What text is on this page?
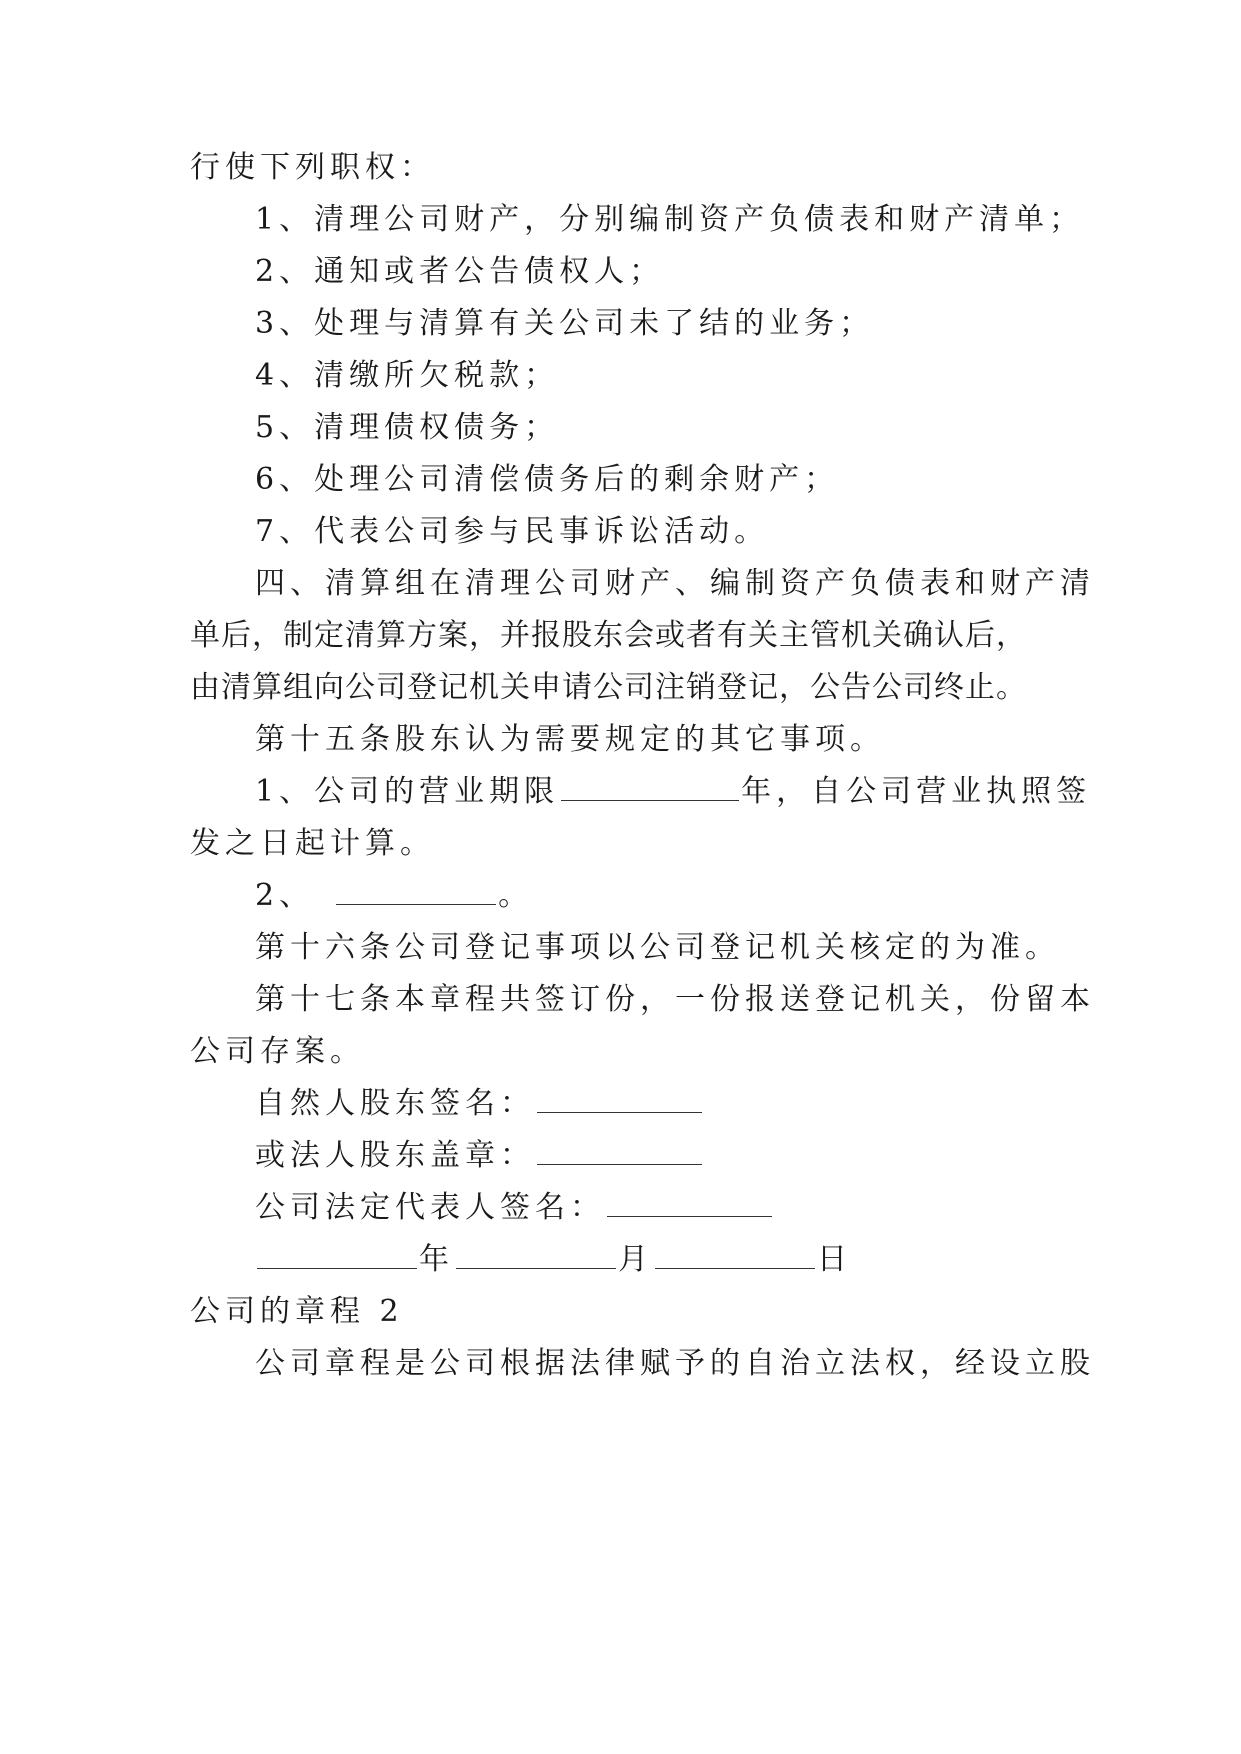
行使下列职权：
1、清理公司财产，分别编制资产负债表和财产清单；
2、通知或者公告债权人；
3、处理与清算有关公司未了结的业务；
4、清缴所欠税款；
5、清理债权债务；
6、处理公司清偿债务后的剩余财产；
7、代表公司参与民事诉讼活动。
四、清算组在清理公司财产、编制资产负债表和财产清
单后，制定清算方案，并报股东会或者有关主管机关确认后，
由清算组向公司登记机关申请公司注销登记，公告公司终止。
第十五条股东认为需要规定的其它事项。
1、公司的营业期限	年，自公司营业执照签
发之日起计算。
2、	。
第十六条公司登记事项以公司登记机关核定的为准。
第十七条本章程共签订份，一份报送登记机关，份留本
公司存案。
自然人股东签名：
或法人股东盖章：
公司法定代表人签名：
年	月	日
公司的章程 2
公司章程是公司根据法律赋予的自治立法权，经设立股
